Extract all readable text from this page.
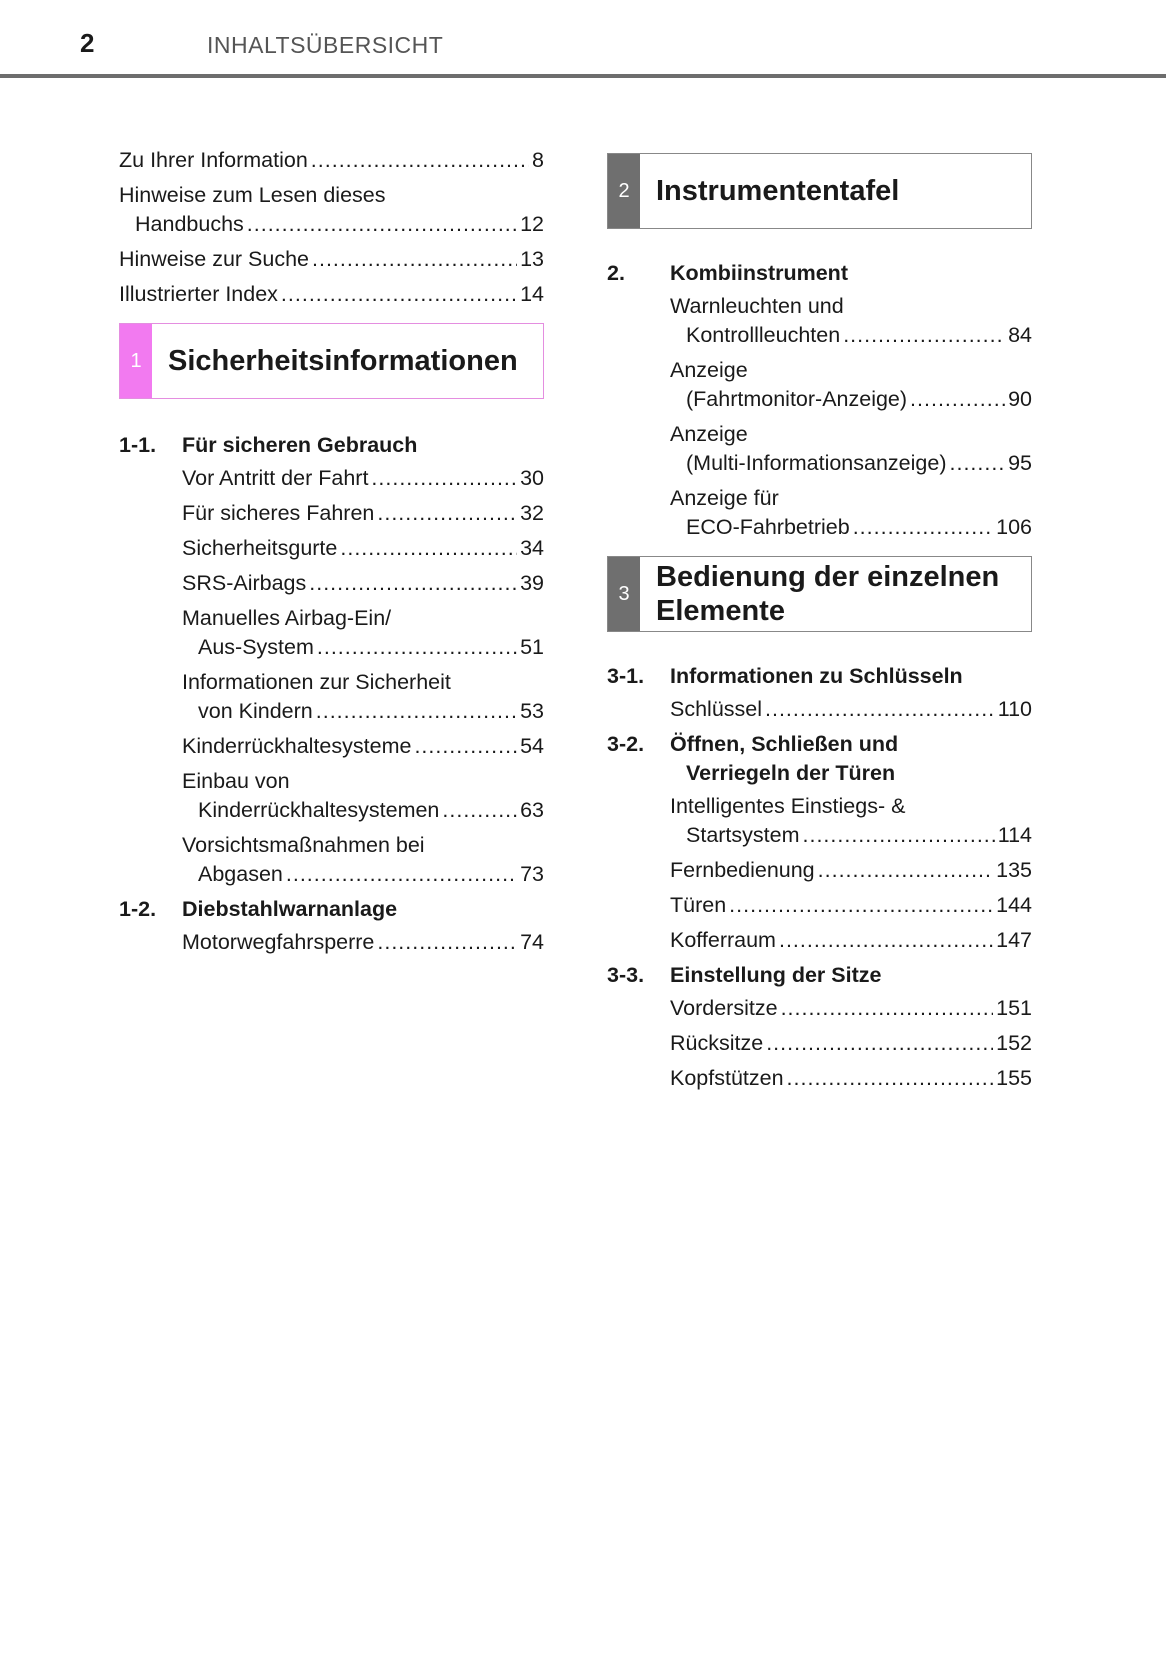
2	INHALTSÜBERSICHT
Zu Ihrer Information .....	8
Hinweise zum Lesen dieses
Handbuchs .....	12
Hinweise zur Suche .....	13
Illustrierter Index .....	14
1 Sicherheitsinformationen
1-1.	Für sicheren Gebrauch
Vor Antritt der Fahrt .....	30
Für sicheres Fahren .....	32
Sicherheitsgurte .....	34
SRS-Airbags .....	39
Manuelles Airbag-Ein/
Aus-System .....	51
Informationen zur Sicherheit
von Kindern .....	53
Kinderrückhaltesysteme .....	54
Einbau von
Kinderrückhaltesystemen .....	63
Vorsichtsmaßnahmen bei
Abgasen .....	73
1-2.	Diebstahlwarnanlage
Motorwegfahrsperre .....	74
2 Instrumententafel
2.	Kombiinstrument
Warnleuchten und
Kontrollleuchten .....	84
Anzeige
(Fahrtmonitor-Anzeige) .....	90
Anzeige
(Multi-Informationsanzeige) .....	95
Anzeige für
ECO-Fahrbetrieb .....	106
3
Bedienung der einzelnen
Elemente
3-1.	Informationen zu Schlüsseln
Schlüssel .....	110
3-2.	Öffnen, Schließen und
Verriegeln der Türen
Intelligentes Einstiegs- &
Startsystem .....	114
Fernbedienung .....	135
Türen .....	144
Kofferraum .....	147
3-3.	Einstellung der Sitze
Vordersitze .....	151
Rücksitze .....	152
Kopfstützen .....	155
